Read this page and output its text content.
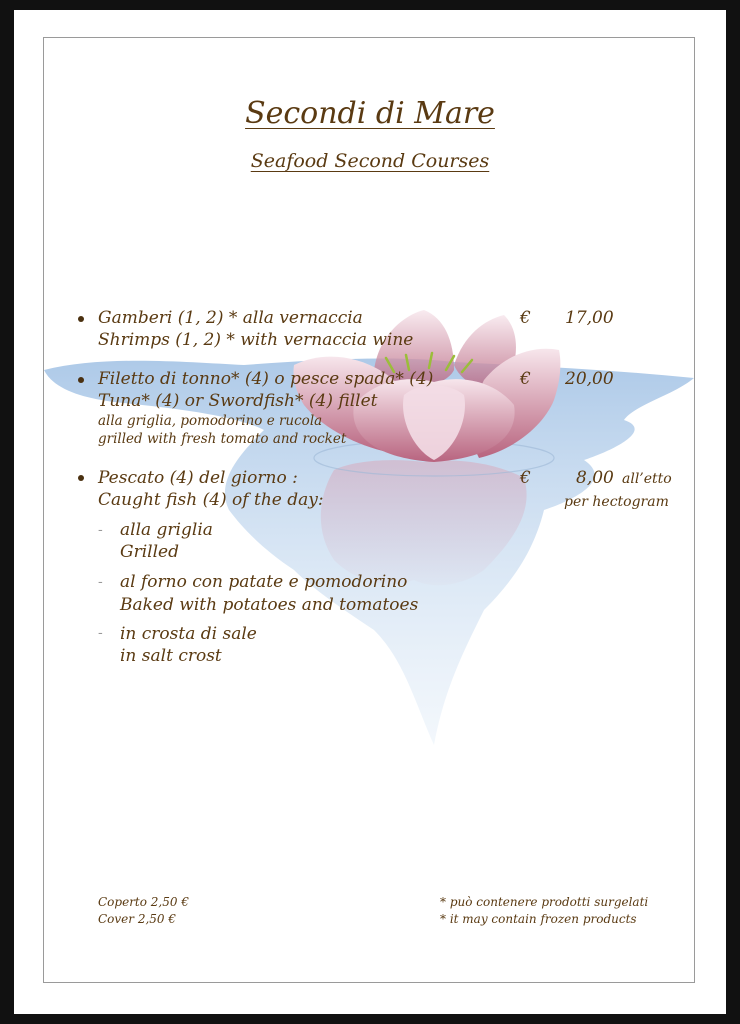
Secondi di Mare
Seafood Second Courses
Gamberi (1, 2) * alla vernaccia
Shrimps (1, 2) * with vernaccia wine
€ 17,00
Filetto di tonno* (4) o pesce spada* (4)
Tuna* (4) or Swordfish* (4) fillet
alla griglia, pomodorino e rucola
grilled with fresh tomato and rocket
€ 20,00
Pescato (4) del giorno :
Caught fish (4) of the day:
€	8,00 all’etto
per hectogram
- alla griglia
Grilled
- al forno con patate e pomodorino
Baked with potatoes and tomatoes
- in crosta di sale
in salt crost
Coperto 2,50 €
Cover 2,50 €
* può contenere prodotti surgelati
* it may contain frozen products
